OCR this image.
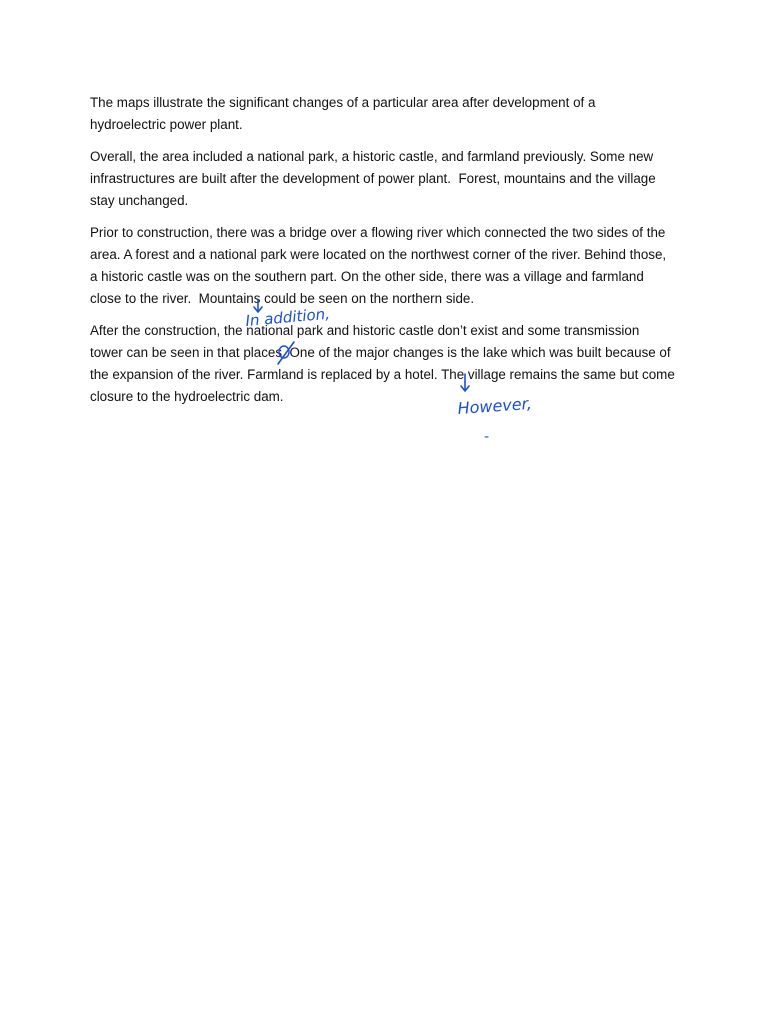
The maps illustrate the significant changes of a particular area after development of a hydroelectric power plant.

Overall, the area included a national park, a historic castle, and farmland previously. Some new infrastructures are built after the development of power plant.  Forest, mountains and the village stay unchanged.

Prior to construction, there was a bridge over a flowing river which connected the two sides of the area. A forest and a national park were located on the northwest corner of the river. Behind those, a historic castle was on the southern part. On the other side, there was a village and farmland close to the river.  Mountains could be seen on the northern side.

After the construction, the national park and historic castle don’t exist and some transmission tower can be seen in that places. One of the major changes is the lake which was built because of the expansion of the river. Farmland is replaced by a hotel. The village remains the same but come closure to the hydroelectric dam.

In addition,
However,
-
